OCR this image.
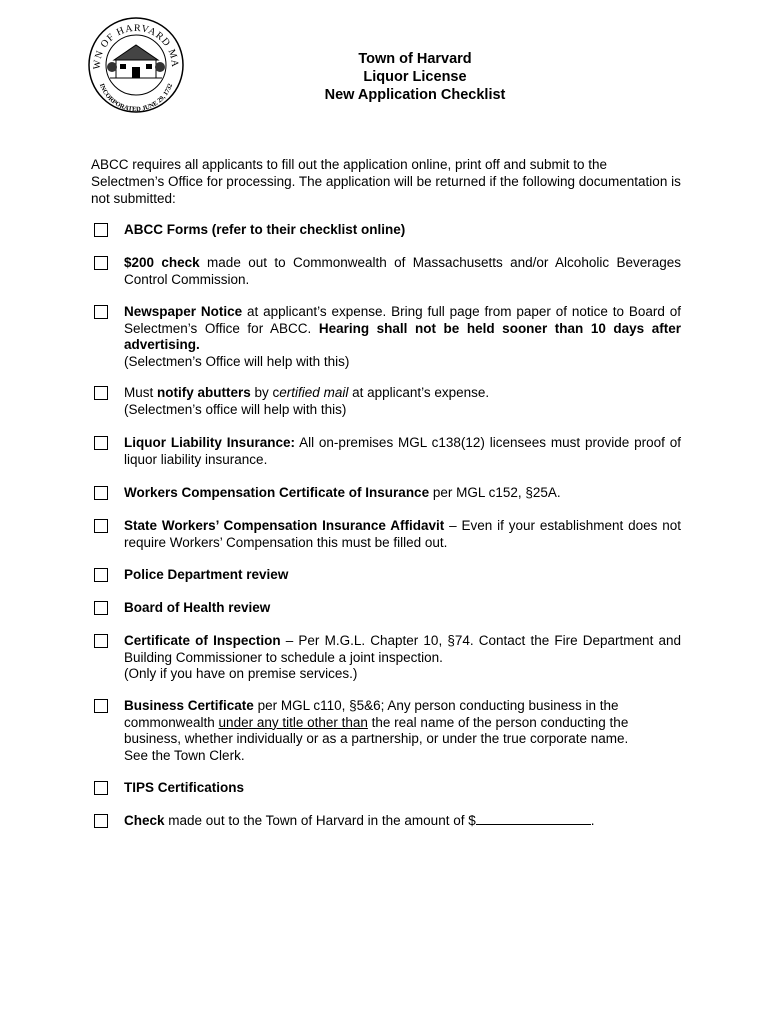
WN OF HARVARD MA
INCORPORATED JUNE 29, 1732
Town of Harvard
Liquor License
New Application Checklist
ABCC requires all applicants to fill out the application online, print off and submit to the Selectmen’s Office for processing. The application will be returned if the following documentation is not submitted:
ABCC Forms (refer to their checklist online)
$200 check made out to Commonwealth of Massachusetts and/or Alcoholic Beverages Control Commission.
Newspaper Notice at applicant’s expense. Bring full page from paper of notice to Board of Selectmen’s Office for ABCC. Hearing shall not be held sooner than 10 days after advertising.
(Selectmen’s Office will help with this)
Must notify abutters by certified mail at applicant’s expense.
(Selectmen’s office will help with this)
Liquor Liability Insurance: All on-premises MGL c138(12) licensees must provide proof of liquor liability insurance.
Workers Compensation Certificate of Insurance per MGL c152, §25A.
State Workers’ Compensation Insurance Affidavit – Even if your establishment does not require Workers’ Compensation this must be filled out.
Police Department review
Board of Health review
Certificate of Inspection – Per M.G.L. Chapter 10, §74. Contact the Fire Department and Building Commissioner to schedule a joint inspection.
(Only if you have on premise services.)
Business Certificate per MGL c110, §5&6; Any person conducting business in the commonwealth under any title other than the real name of the person conducting the business, whether individually or as a partnership, or under the true corporate name.
See the Town Clerk.
TIPS Certifications
Check made out to the Town of Harvard in the amount of $	.
